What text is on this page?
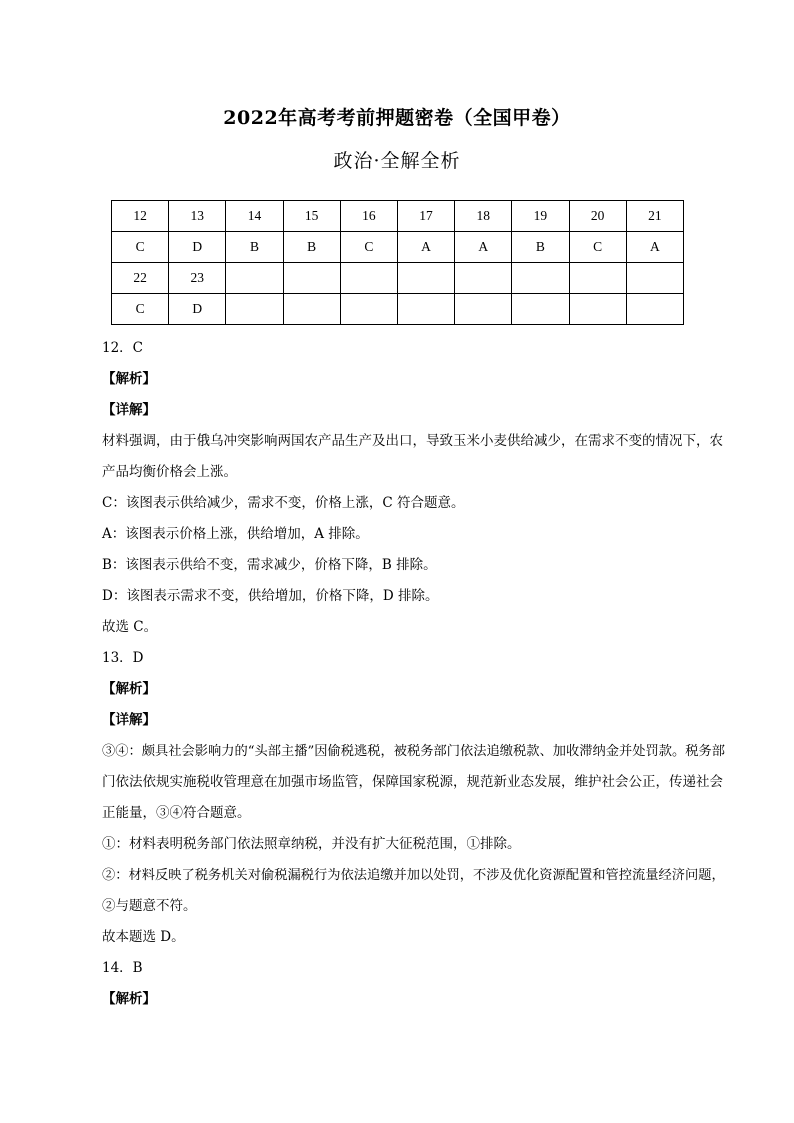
2022年高考考前押题密卷（全国甲卷）
政治·全解全析
12	13	14	15	16	17	18	19	20	21
C	D	B	B	C	A	A	B	C	A
22	23								
C	D								
12．C
【解析】
【详解】
材料强调，由于俄乌冲突影响两国农产品生产及出口，导致玉米小麦供给减少，在需求不变的情况下，农
产品均衡价格会上涨。
C：该图表示供给减少，需求不变，价格上涨，C 符合题意。
A：该图表示价格上涨，供给增加，A 排除。
B：该图表示供给不变，需求减少，价格下降，B 排除。
D：该图表示需求不变，供给增加，价格下降，D 排除。
故选 C。
13．D
【解析】
【详解】
③④：颇具社会影响力的“头部主播”因偷税逃税，被税务部门依法追缴税款、加收滞纳金并处罚款。税务部
门依法依规实施税收管理意在加强市场监管，保障国家税源，规范新业态发展，维护社会公正，传递社会
正能量，③④符合题意。
①：材料表明税务部门依法照章纳税，并没有扩大征税范围，①排除。
②：材料反映了税务机关对偷税漏税行为依法追缴并加以处罚，不涉及优化资源配置和管控流量经济问题，
②与题意不符。
故本题选 D。
14．B
【解析】
